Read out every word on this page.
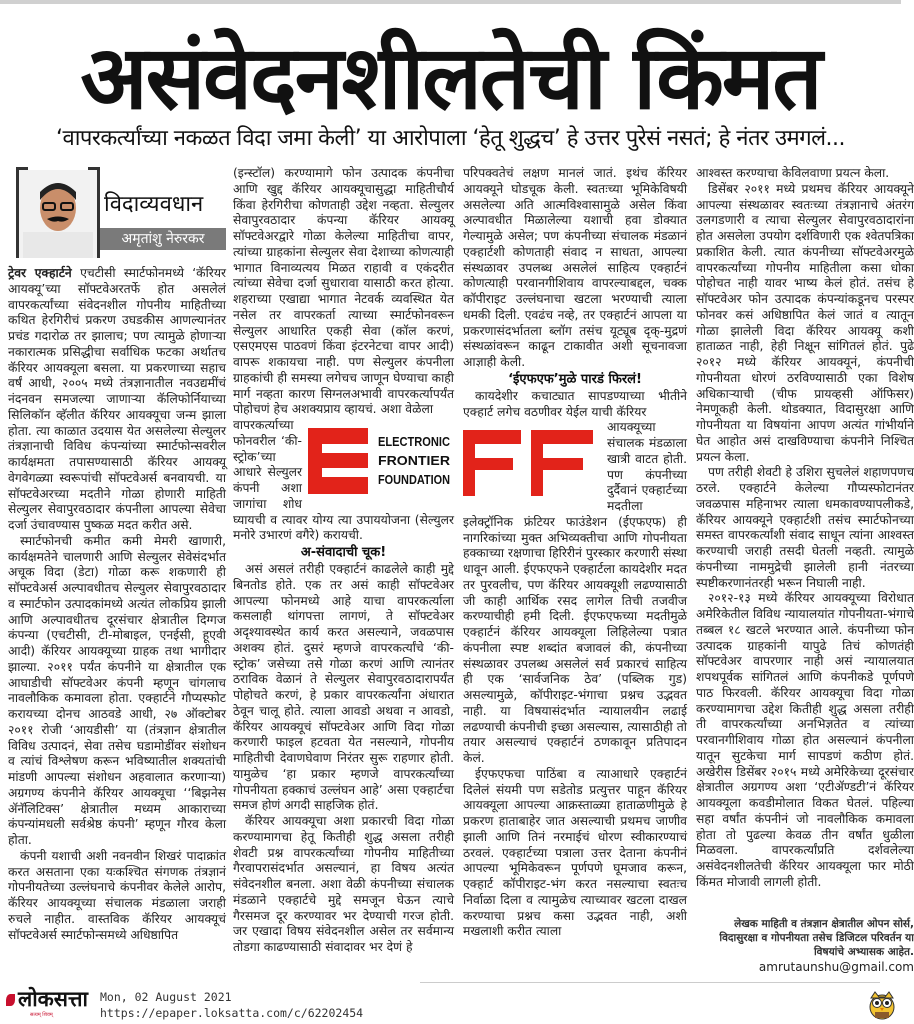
असंवेदनशीलतेची किंमत
‘वापरकर्त्यांच्या नकळत विदा जमा केली’ या आरोपाला ‘हेतू शुद्धच’ हे उत्तर पुरेसं नसतं; हे नंतर उमगलं...
विदाव्यवधान
अमृतांशु नेरुरकर

ट्रेवर एक्हार्टने एचटीसी स्मार्टफोनमध्ये ‘कॅरियर आयक्यू’च्या सॉफ्टवेअरतर्फे होत असलेलं वापरकर्त्यांच्या संवेदनशील गोपनीय माहितीच्या कथित हेरगिरीचं प्रकरण उघडकीस आणल्यानंतर प्रचंड गदारोळ तर झालाच; पण त्यामुळे होणाऱ्या नकारात्मक प्रसिद्धीचा सर्वाधिक फटका अर्थातच कॅरियर आयक्यूला बसला. या प्रकरणाच्या सहाच वर्षं आधी, २००५ मध्ये तंत्रज्ञानातील नवउद्यमींचं नंदनवन समजल्या जाणाऱ्या कॅलिफोर्नियाच्या सिलिकॉन व्हॅलीत कॅरियर आयक्यूचा जन्म झाला होता. त्या काळात उदयास येत असलेल्या सेल्युलर तंत्रज्ञानाची विविध कंपन्यांच्या स्मार्टफोन्सवरील कार्यक्षमता तपासण्यासाठी कॅरियर आयक्यू वेगवेगळ्या स्वरूपांची सॉफ्टवेअर्स बनवायची. या सॉफ्टवेअरच्या मदतीने गोळा होणारी माहिती सेल्युलर सेवापुरवठादार कंपनीला आपल्या सेवेचा दर्जा उंचावण्यास पुष्कळ मदत करीत असे.

स्मार्टफोनची कमीत कमी मेमरी खाणारी, कार्यक्षमतेने चालणारी आणि सेल्युलर सेवेसंदर्भात अचूक विदा (डेटा) गोळा करू शकणारी ही सॉफ्टवेअर्स अल्पावधीतच सेल्युलर सेवापुरवठादार व स्मार्टफोन उत्पादकांमध्ये अत्यंत लोकप्रिय झाली आणि अल्पावधीतच दूरसंचार क्षेत्रातील दिग्गज कंपन्या (एचटीसी, टी-मोबाइल, एनईसी, हूएवी आदी) कॅरियर आयक्यूच्या ग्राहक तथा भागीदार झाल्या. २०११ पर्यंत कंपनीने या क्षेत्रातील एक आघाडीची सॉफ्टवेअर कंपनी म्हणून चांगलाच नावलौकिक कमावला होता. एक्हार्टने गौप्यस्फोट करायच्या दोनच आठवडे आधी, २७ ऑक्टोबर २०११ रोजी ‘आयडीसी’ या (तंत्रज्ञान क्षेत्रातील विविध उत्पादनं, सेवा तसेच घडामोडींवर संशोधन व त्यांचं विश्लेषण करून भविष्यातील शक्यतांची मांडणी आपल्या संशोधन अहवालात करणाऱ्या) अग्रगण्य कंपनीने कॅरियर आयक्यूचा ‘‘बिझनेस ॲनॅलिटिक्स’ क्षेत्रातील मध्यम आकाराच्या कंपन्यांमधली सर्वश्रेष्ठ कंपनी’ म्हणून गौरव केला होता.

कंपनी यशाची अशी नवनवीन शिखरं पादाक्रांत करत असताना एका यःकश्चित संगणक तंत्रज्ञानं गोपनीयतेच्या उल्लंघनाचे कंपनीवर केलेले आरोप, कॅरियर आयक्यूच्या संचालक मंडळाला जराही रुचले नाहीत. वास्तविक कॅरियर आयक्यूचं सॉफ्टवेअर्स स्मार्टफोन्समध्ये अधिष्ठापित

(इन्स्टॉल) करण्यामागे फोन उत्पादक कंपनीचा आणि खुद्द कॅरियर आयक्यूचासुद्धा माहितीचौर्य किंवा हेरगिरीचा कोणताही उद्देश नव्हता. सेल्युलर सेवापुरवठादार कंपन्या कॅरियर आयक्यू सॉफ्टवेअरद्वारे गोळा केलेल्या माहितीचा वापर, त्यांच्या ग्राहकांना सेल्युलर सेवा देशाच्या कोणत्याही भागात विनाव्यत्यय मिळत राहावी व एकंदरीत त्यांच्या सेवेचा दर्जा सुधारावा यासाठी करत होत्या. शहराच्या एखाद्या भागात नेटवर्क व्यवस्थित येत नसेल तर वापरकर्ता त्याच्या स्मार्टफोनवरून सेल्युलर आधारित एकही सेवा (कॉल करणं, एसएमएस पाठवणं किंवा इंटरनेटचा वापर आदी) वापरू शकायचा नाही. पण सेल्युलर कंपनीला ग्राहकांची ही समस्या लगेचच जाणून घेण्याचा काही मार्ग नव्हता कारण सिग्नलअभावी वापरकर्त्यापर्यंत पोहोचणं हेच अशक्यप्राय व्हायचं. अशा वेळेला

ELECTRONIC
FRONTIER
FOUNDATION

वापरकर्त्याच्या फोनवरील ‘की-स्ट्रोक’च्या आधारे सेल्युलर कंपनी अशा जागांचा शोध घ्यायची व त्यावर योग्य त्या उपाययोजना (सेल्युलर मनोरे उभारणं वगैरे) करायची.

अ-संवादाची चूक!

असं असलं तरीही एक्हार्टनं काढलेले काही मुद्दे बिनतोड होते. एक तर असं काही सॉफ्टवेअर आपल्या फोनमध्ये आहे याचा वापरकर्त्याला कसलाही थांगपत्ता लागणं, ते सॉफ्टवेअर अदृश्यावस्थेत कार्य करत असल्याने, जवळपास अशक्य होतं. दुसरं म्हणजे वापरकर्त्यांचे ‘की-स्ट्रोक’ जसेच्या तसे गोळा करणं आणि त्यानंतर ठराविक वेळानं ते सेल्युलर सेवापुरवठादारापर्यंत पोहोचते करणं, हे प्रकार वापरकर्त्यांना अंधारात ठेवून चालू होते. त्याला आवडो अथवा न आवडो, कॅरियर आयक्यूचं सॉफ्टवेअर आणि विदा गोळा करणारी फाइल हटवता येत नसल्याने, गोपनीय माहितीची देवाणघेवाण निरंतर सुरू राहणार होती. यामुळेच ‘हा प्रकार म्हणजे वापरकर्त्यांच्या गोपनीयता हक्काचं उल्लंघन आहे’ असा एक्हार्टचा समज होणं अगदी साहजिक होतं.

कॅरियर आयक्यूचा अशा प्रकारची विदा गोळा करण्यामागचा हेतू कितीही शुद्ध असला तरीही शेवटी प्रश्न वापरकर्त्यांच्या गोपनीय माहितीच्या गैरवापरासंदर्भात असल्यानं, हा विषय अत्यंत संवेदनशील बनला. अशा वेळी कंपनीच्या संचालक मंडळाने एक्हार्टचे मुद्दे समजून घेऊन त्याचे गैरसमज दूर करण्यावर भर देण्याची गरज होती. जर एखादा विषय संवेदनशील असेल तर सर्वमान्य तोडगा काढण्यासाठी संवादावर भर देणं हे

परिपक्वतेचं लक्षण मानलं जातं. इथंच कॅरियर आयक्यूने घोडचूक केली. स्वतःच्या भूमिकेविषयी असलेल्या अति आत्मविश्वासामुळे असेल किंवा अल्पावधीत मिळालेल्या यशाची हवा डोक्यात गेल्यामुळे असेल; पण कंपनीच्या संचालक मंडळानं एक्हार्टशी कोणताही संवाद न साधता, आपल्या संस्थळावर उपलब्ध असलेलं साहित्य एक्हार्टनं कोणत्याही परवानगीशिवाय वापरल्याबद्दल, चक्क कॉपीराइट उल्लंघनाचा खटला भरण्याची त्याला धमकी दिली. एवढंच नव्हे, तर एक्हार्टनं आपला या प्रकरणासंदर्भातला ब्लॉग तसंच यूट्यूब दृक्-मुद्रणं संस्थळांवरून काढून टाकावीत अशी सूचनावजा आज्ञाही केली.

‘ईएफएफ’मुळे पारडं फिरलं!

कायदेशीर कचाट्यात सापडण्याच्या भीतीने एक्हार्ट लगेच वठणीवर येईल याची कॅरियर

आयक्यूच्या संचालक मंडळाला खात्री वाटत होती. पण कंपनीच्या दुर्दैवानं एक्हार्टच्या मदतीला इलेक्ट्रॉनिक फ्रंटियर फाउंडेशन (ईएफएफ) ही नागरिकांच्या मुक्त अभिव्यक्तीचा आणि गोपनीयता हक्काच्या रक्षणाचा हिरिरीनं पुरस्कार करणारी संस्था धावून आली. ईएफएफने एक्हार्टला कायदेशीर मदत तर पुरवलीच, पण कॅरियर आयक्यूशी लढण्यासाठी जी काही आर्थिक रसद लागेल तिची तजवीज करण्याचीही हमी दिली. ईएफएफच्या मदतीमुळे एक्हार्टनं कॅरियर आयक्यूला लिहिलेल्या पत्रात कंपनीला स्पष्ट शब्दांत बजावलं की, कंपनीच्या संस्थळावर उपलब्ध असलेलं सर्व प्रकारचं साहित्य ही एक ‘सार्वजनिक ठेव’ (पब्लिक गुड) असल्यामुळे, कॉपीराइट-भंगाचा प्रश्नच उद्भवत नाही. या विषयासंदर्भात न्यायालयीन लढाई लढण्याची कंपनीची इच्छा असल्यास, त्यासाठीही तो तयार असल्याचं एक्हार्टनं ठणकावून प्रतिपादन केलं.

ईएफएफचा पाठिंबा व त्याआधारे एक्हार्टनं दिलेलं संयमी पण सडेतोड प्रत्युत्तर पाहून कॅरियर आयक्यूला आपल्या आक्रस्ताळ्या हाताळणीमुळे हे प्रकरण हाताबाहेर जात असल्याची प्रथमच जाणीव झाली आणि तिनं नरमाईचं धोरण स्वीकारण्याचं ठरवलं. एक्हार्टच्या पत्राला उत्तर देताना कंपनीनं आपल्या भूमिकेवरून पूर्णपणे घूमजाव करून, एक्हार्ट कॉपीराइट-भंग करत नसल्याचा स्वतःच निर्वाळा दिला व त्यामुळेच त्याच्यावर खटला दाखल करण्याचा प्रश्नच कसा उद्भवत नाही, अशी मखलाशी करीत त्याला

आश्वस्त करण्याचा केविलवाणा प्रयत्न केला.

डिसेंबर २०११ मध्ये प्रथमच कॅरियर आयक्यूने आपल्या संस्थळावर स्वतःच्या तंत्रज्ञानाचे अंतरंग उलगडणारी व त्याचा सेल्युलर सेवापुरवठादारांना होत असलेला उपयोग दर्शविणारी एक श्वेतपत्रिका प्रकाशित केली. त्यात कंपनीच्या सॉफ्टवेअरमुळे वापरकर्त्यांच्या गोपनीय माहितीला कसा धोका पोहोचत नाही यावर भाष्य केलं होतं. तसंच हे सॉफ्टवेअर फोन उत्पादक कंपन्यांकडूनच परस्पर फोनवर कसं अधिष्ठापित केलं जातं व त्यातून गोळा झालेली विदा कॅरियर आयक्यू कशी हाताळत नाही, हेही निक्षून सांगितलं होतं. पुढे २०१२ मध्ये कॅरियर आयक्यूनं, कंपनीची गोपनीयता धोरणं ठरविण्यासाठी एका विशेष अधिकाऱ्याची (चीफ प्रायव्हसी ऑफिसर) नेमणूकही केली. थोडक्यात, विदासुरक्षा आणि गोपनीयता या विषयांना आपण अत्यंत गांभीर्याने घेत आहोत असं दाखविण्याचा कंपनीने निश्चित प्रयत्न केला.

पण तरीही शेवटी हे उशिरा सुचलेलं शहाणपणच ठरले. एक्हार्टने केलेल्या गौप्यस्फोटानंतर जवळपास महिनाभर त्याला धमकावण्यापलीकडे, कॅरियर आयक्यूने एक्हार्टशी तसंच स्मार्टफोनच्या समस्त वापरकर्त्यांशी संवाद साधून त्यांना आश्वस्त करण्याची जराही तसदी घेतली नव्हती. त्यामुळे कंपनीच्या नाममुद्रेची झालेली हानी नंतरच्या स्पष्टीकरणानंतरही भरून निघाली नाही.

२०१२-१३ मध्ये कॅरियर आयक्यूच्या विरोधात अमेरिकेतील विविध न्यायालयांत गोपनीयता-भंगाचे तब्बल १८ खटले भरण्यात आले. कंपनीच्या फोन उत्पादक ग्राहकांनी यापुढे तिचं कोणतंही सॉफ्टवेअर वापरणार नाही असं न्यायालयात शपथपूर्वक सांगितलं आणि कंपनीकडे पूर्णपणे पाठ फिरवली. कॅरियर आयक्यूचा विदा गोळा करण्यामागचा उद्देश कितीही शुद्ध असला तरीही ती वापरकर्त्यांच्या अनभिज्ञतेत व त्यांच्या परवानगीशिवाय गोळा होत असल्यानं कंपनीला यातून सुटकेचा मार्ग सापडणं कठीण होतं. अखेरीस डिसेंबर २०१५ मध्ये अमेरिकेच्या दूरसंचार क्षेत्रातील अग्रगण्य अशा ‘एटीॲण्डटी’नं कॅरियर आयक्यूला कवडीमोलात विकत घेतलं. पहिल्या सहा वर्षांत कंपनीनं जो नावलौकिक कमावला होता तो पुढल्या केवळ तीन वर्षांत धुळीला मिळवला. वापरकर्त्यांप्रति दर्शवलेल्या असंवेदनशीलतेची कॅरियर आयक्यूला फार मोठी किंमत मोजावी लागली होती.

लेखक माहिती व तंत्रज्ञान क्षेत्रातील ओपन सोर्स, विदासुरक्षा व गोपनीयता तसेच डिजिटल परिवर्तन या विषयांचे अभ्यासक आहेत.
amrutaunshu@gmail.com
लोकसत्ता
सत्यम् शिवम्
Mon, 02 August 2021
https://epaper.loksatta.com/c/62202454
